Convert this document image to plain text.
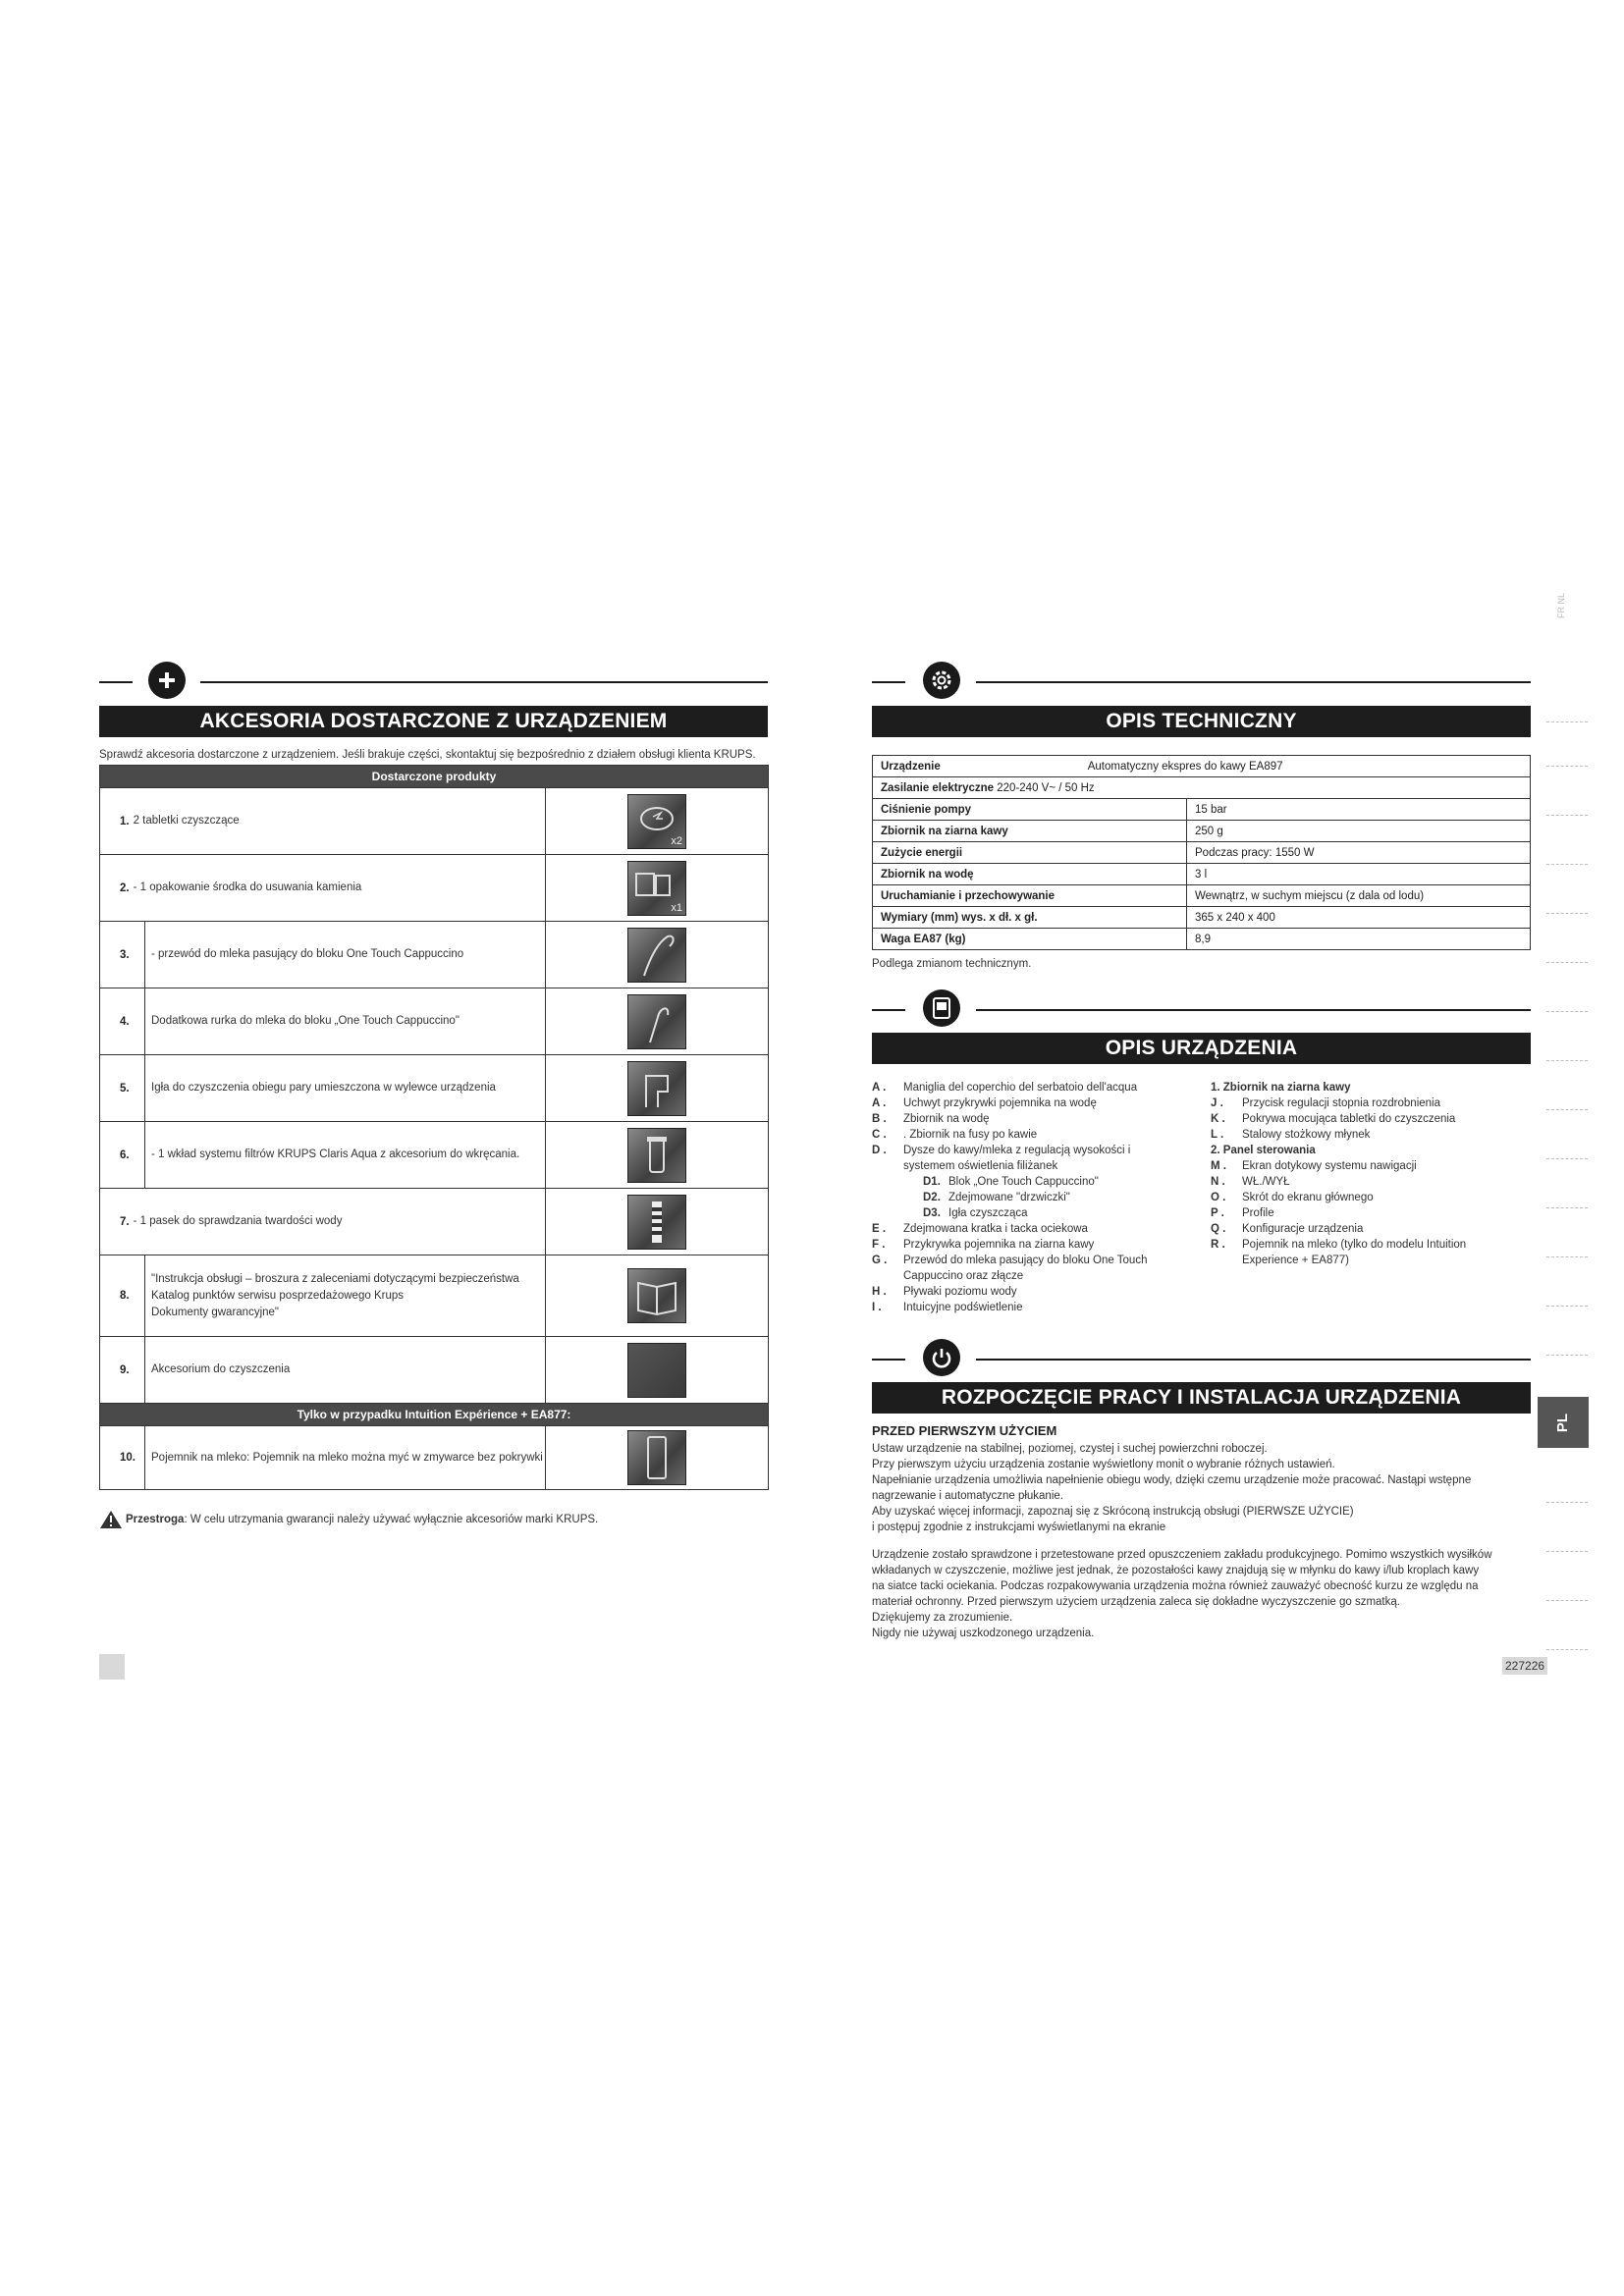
AKCESORIA DOSTARCZONE Z URZĄDZENIEM
Sprawdź akcesoria dostarczone z urządzeniem. Jeśli brakuje części, skontaktuj się bezpośrednio z działem obsługi klienta KRUPS.
Dostarczone produkty
1. 2 tabletki czyszczące
x2
2. - 1 opakowanie środka do usuwania kamienia
x1
3.	- przewód do mleka pasujący do bloku One Touch Cappuccino
4.	Dodatkowa rurka do mleka do bloku „One Touch Cappuccino"
5.	Igła do czyszczenia obiegu pary umieszczona w wylewce urządzenia
6.	- 1 wkład systemu filtrów KRUPS Claris Aqua z akcesorium do wkręcania.
7. - 1 pasek do sprawdzania twardości wody
8.
"Instrukcja obsługi – broszura z zaleceniami dotyczącymi bezpieczeństwa
Katalog punktów serwisu posprzedażowego Krups
Dokumenty gwarancyjne"
9.	Akcesorium do czyszczenia
Tylko w przypadku Intuition Expérience + EA877:
10.	Pojemnik na mleko: Pojemnik na mleko można myć w zmywarce bez pokrywki
Przestroga : W celu utrzymania gwarancji należy używać wyłącznie akcesoriów marki KRUPS.
OPIS TECHNICZNY
Urządzenie Automatyczny ekspres do kawy EA897	
Zasilanie elektryczne 220-240 V~ / 50 Hz	
Ciśnienie pompy	15 bar
Zbiornik na ziarna kawy	250 g
Zużycie energii	Podczas pracy: 1550 W
Zbiornik na wodę	3 l
Uruchamianie i przechowywanie	Wewnątrz, w suchym miejscu (z dala od lodu)
Wymiary (mm) wys. x dł. x gł.	365 x 240 x 400
Waga EA87 (kg)	8,9
Podlega zmianom technicznym.
OPIS URZĄDZENIA
A . Maniglia del coperchio del serbatoio dell'acqua
A . Uchwyt przykrywki pojemnika na wodę
B . Zbiornik na wodę
C . . Zbiornik na fusy po kawie
D . Dysze do kawy/mleka z regulacją wysokości i
systemem oświetlenia filiżanek
D1. Blok „One Touch Cappuccino"
D2. Zdejmowane "drzwiczki"
D3. Igła czyszcząca
E . Zdejmowana kratka i tacka ociekowa
F . Przykrywka pojemnika na ziarna kawy
G . Przewód do mleka pasujący do bloku One Touch
Cappuccino oraz złącze
H . Pływaki poziomu wody
I . Intuicyjne podświetlenie
1. Zbiornik na ziarna kawy
J . Przycisk regulacji stopnia rozdrobnienia
K . Pokrywa mocująca tabletki do czyszczenia
L . Stalowy stożkowy młynek
2. Panel sterowania
M . Ekran dotykowy systemu nawigacji
N . WŁ./WYŁ
O . Skrót do ekranu głównego
P . Profile
Q . Konfiguracje urządzenia
R . Pojemnik na mleko (tylko do modelu Intuition
Experience + EA877)
ROZPOCZĘCIE PRACY I INSTALACJA URZĄDZENIA
PRZED PIERWSZYM UŻYCIEM
Ustaw urządzenie na stabilnej, poziomej, czystej i suchej powierzchni roboczej.
Przy pierwszym użyciu urządzenia zostanie wyświetlony monit o wybranie różnych ustawień.
Napełnianie urządzenia umożliwia napełnienie obiegu wody, dzięki czemu urządzenie może pracować. Nastąpi wstępne
nagrzewanie i automatyczne płukanie.
Aby uzyskać więcej informacji, zapoznaj się z Skróconą instrukcją obsługi (PIERWSZE UŻYCIE)
i postępuj zgodnie z instrukcjami wyświetlanymi na ekranie
Urządzenie zostało sprawdzone i przetestowane przed opuszczeniem zakładu produkcyjnego. Pomimo wszystkich wysiłków
wkładanych w czyszczenie, możliwe jest jednak, że pozostałości kawy znajdują się w młynku do kawy i/lub kroplach kawy
na siatce tacki ociekania. Podczas rozpakowywania urządzenia można również zauważyć obecność kurzu ze względu na
materiał ochronny. Przed pierwszym użyciem urządzenia zaleca się dokładne wyczyszczenie go szmatką.
Dziękujemy za zrozumienie.
Nigdy nie używaj uszkodzonego urządzenia.
227226
FR NL
PL
